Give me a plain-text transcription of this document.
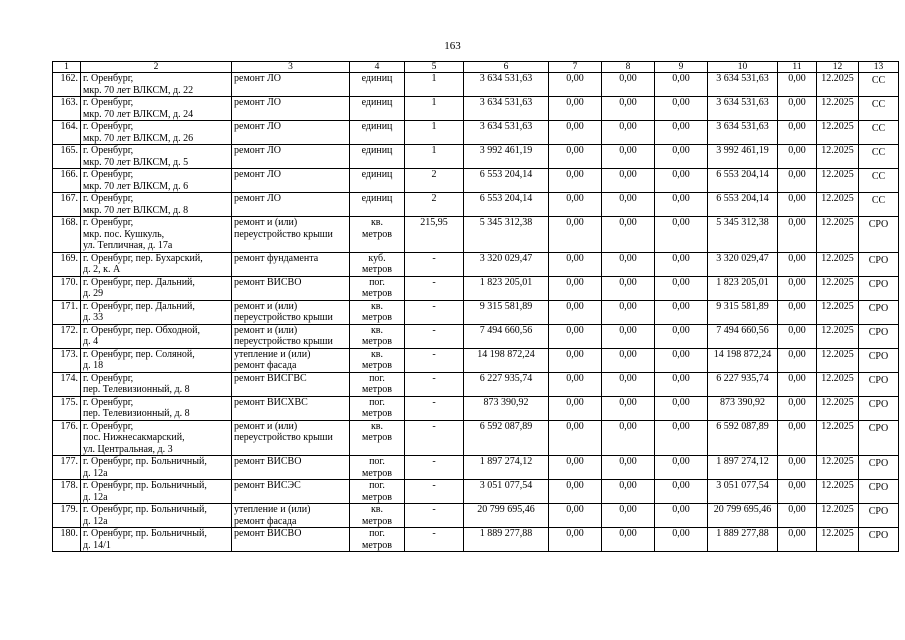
163
1	2	3	4	5	6	7	8	9	10	11	12	13
162.	г. Оренбург,
мкр. 70 лет ВЛКСМ, д. 22	ремонт ЛО	единиц	1	3 634 531,63	0,00	0,00	0,00	3 634 531,63	0,00	12.2025	СС
163.	г. Оренбург,
мкр. 70 лет ВЛКСМ, д. 24	ремонт ЛО	единиц	1	3 634 531,63	0,00	0,00	0,00	3 634 531,63	0,00	12.2025	СС
164.	г. Оренбург,
мкр. 70 лет ВЛКСМ, д. 26	ремонт ЛО	единиц	1	3 634 531,63	0,00	0,00	0,00	3 634 531,63	0,00	12.2025	СС
165.	г. Оренбург,
мкр. 70 лет ВЛКСМ, д. 5	ремонт ЛО	единиц	1	3 992 461,19	0,00	0,00	0,00	3 992 461,19	0,00	12.2025	СС
166.	г. Оренбург,
мкр. 70 лет ВЛКСМ, д. 6	ремонт ЛО	единиц	2	6 553 204,14	0,00	0,00	0,00	6 553 204,14	0,00	12.2025	СС
167.	г. Оренбург,
мкр. 70 лет ВЛКСМ, д. 8	ремонт ЛО	единиц	2	6 553 204,14	0,00	0,00	0,00	6 553 204,14	0,00	12.2025	СС
168.	г. Оренбург,
мкр. пос. Кушкуль,
ул. Тепличная, д. 17а	ремонт и (или)
переустройство крыши	кв.
метров	215,95	5 345 312,38	0,00	0,00	0,00	5 345 312,38	0,00	12.2025	СРО
169.	г. Оренбург, пер. Бухарский,
д. 2, к. А	ремонт фундамента	куб.
метров	-	3 320 029,47	0,00	0,00	0,00	3 320 029,47	0,00	12.2025	СРО
170.	г. Оренбург, пер. Дальний,
д. 29	ремонт ВИСВО	пог.
метров	-	1 823 205,01	0,00	0,00	0,00	1 823 205,01	0,00	12.2025	СРО
171.	г. Оренбург, пер. Дальний,
д. 33	ремонт и (или)
переустройство крыши	кв.
метров	-	9 315 581,89	0,00	0,00	0,00	9 315 581,89	0,00	12.2025	СРО
172.	г. Оренбург, пер. Обходной,
д. 4	ремонт и (или)
переустройство крыши	кв.
метров	-	7 494 660,56	0,00	0,00	0,00	7 494 660,56	0,00	12.2025	СРО
173.	г. Оренбург, пер. Соляной,
д. 18	утепление и (или)
ремонт фасада	кв.
метров	-	14 198 872,24	0,00	0,00	0,00	14 198 872,24	0,00	12.2025	СРО
174.	г. Оренбург,
пер. Телевизионный, д. 8	ремонт ВИСГВС	пог.
метров	-	6 227 935,74	0,00	0,00	0,00	6 227 935,74	0,00	12.2025	СРО
175.	г. Оренбург,
пер. Телевизионный, д. 8	ремонт ВИСХВС	пог.
метров	-	873 390,92	0,00	0,00	0,00	873 390,92	0,00	12.2025	СРО
176.	г. Оренбург,
пос. Нижнесакмарский,
ул. Центральная, д. 3	ремонт и (или)
переустройство крыши	кв.
метров	-	6 592 087,89	0,00	0,00	0,00	6 592 087,89	0,00	12.2025	СРО
177.	г. Оренбург, пр. Больничный,
д. 12а	ремонт ВИСВО	пог.
метров	-	1 897 274,12	0,00	0,00	0,00	1 897 274,12	0,00	12.2025	СРО
178.	г. Оренбург, пр. Больничный,
д. 12а	ремонт ВИСЭС	пог.
метров	-	3 051 077,54	0,00	0,00	0,00	3 051 077,54	0,00	12.2025	СРО
179.	г. Оренбург, пр. Больничный,
д. 12а	утепление и (или)
ремонт фасада	кв.
метров	-	20 799 695,46	0,00	0,00	0,00	20 799 695,46	0,00	12.2025	СРО
180.	г. Оренбург, пр. Больничный,
д. 14/1	ремонт ВИСВО	пог.
метров	-	1 889 277,88	0,00	0,00	0,00	1 889 277,88	0,00	12.2025	СРО
